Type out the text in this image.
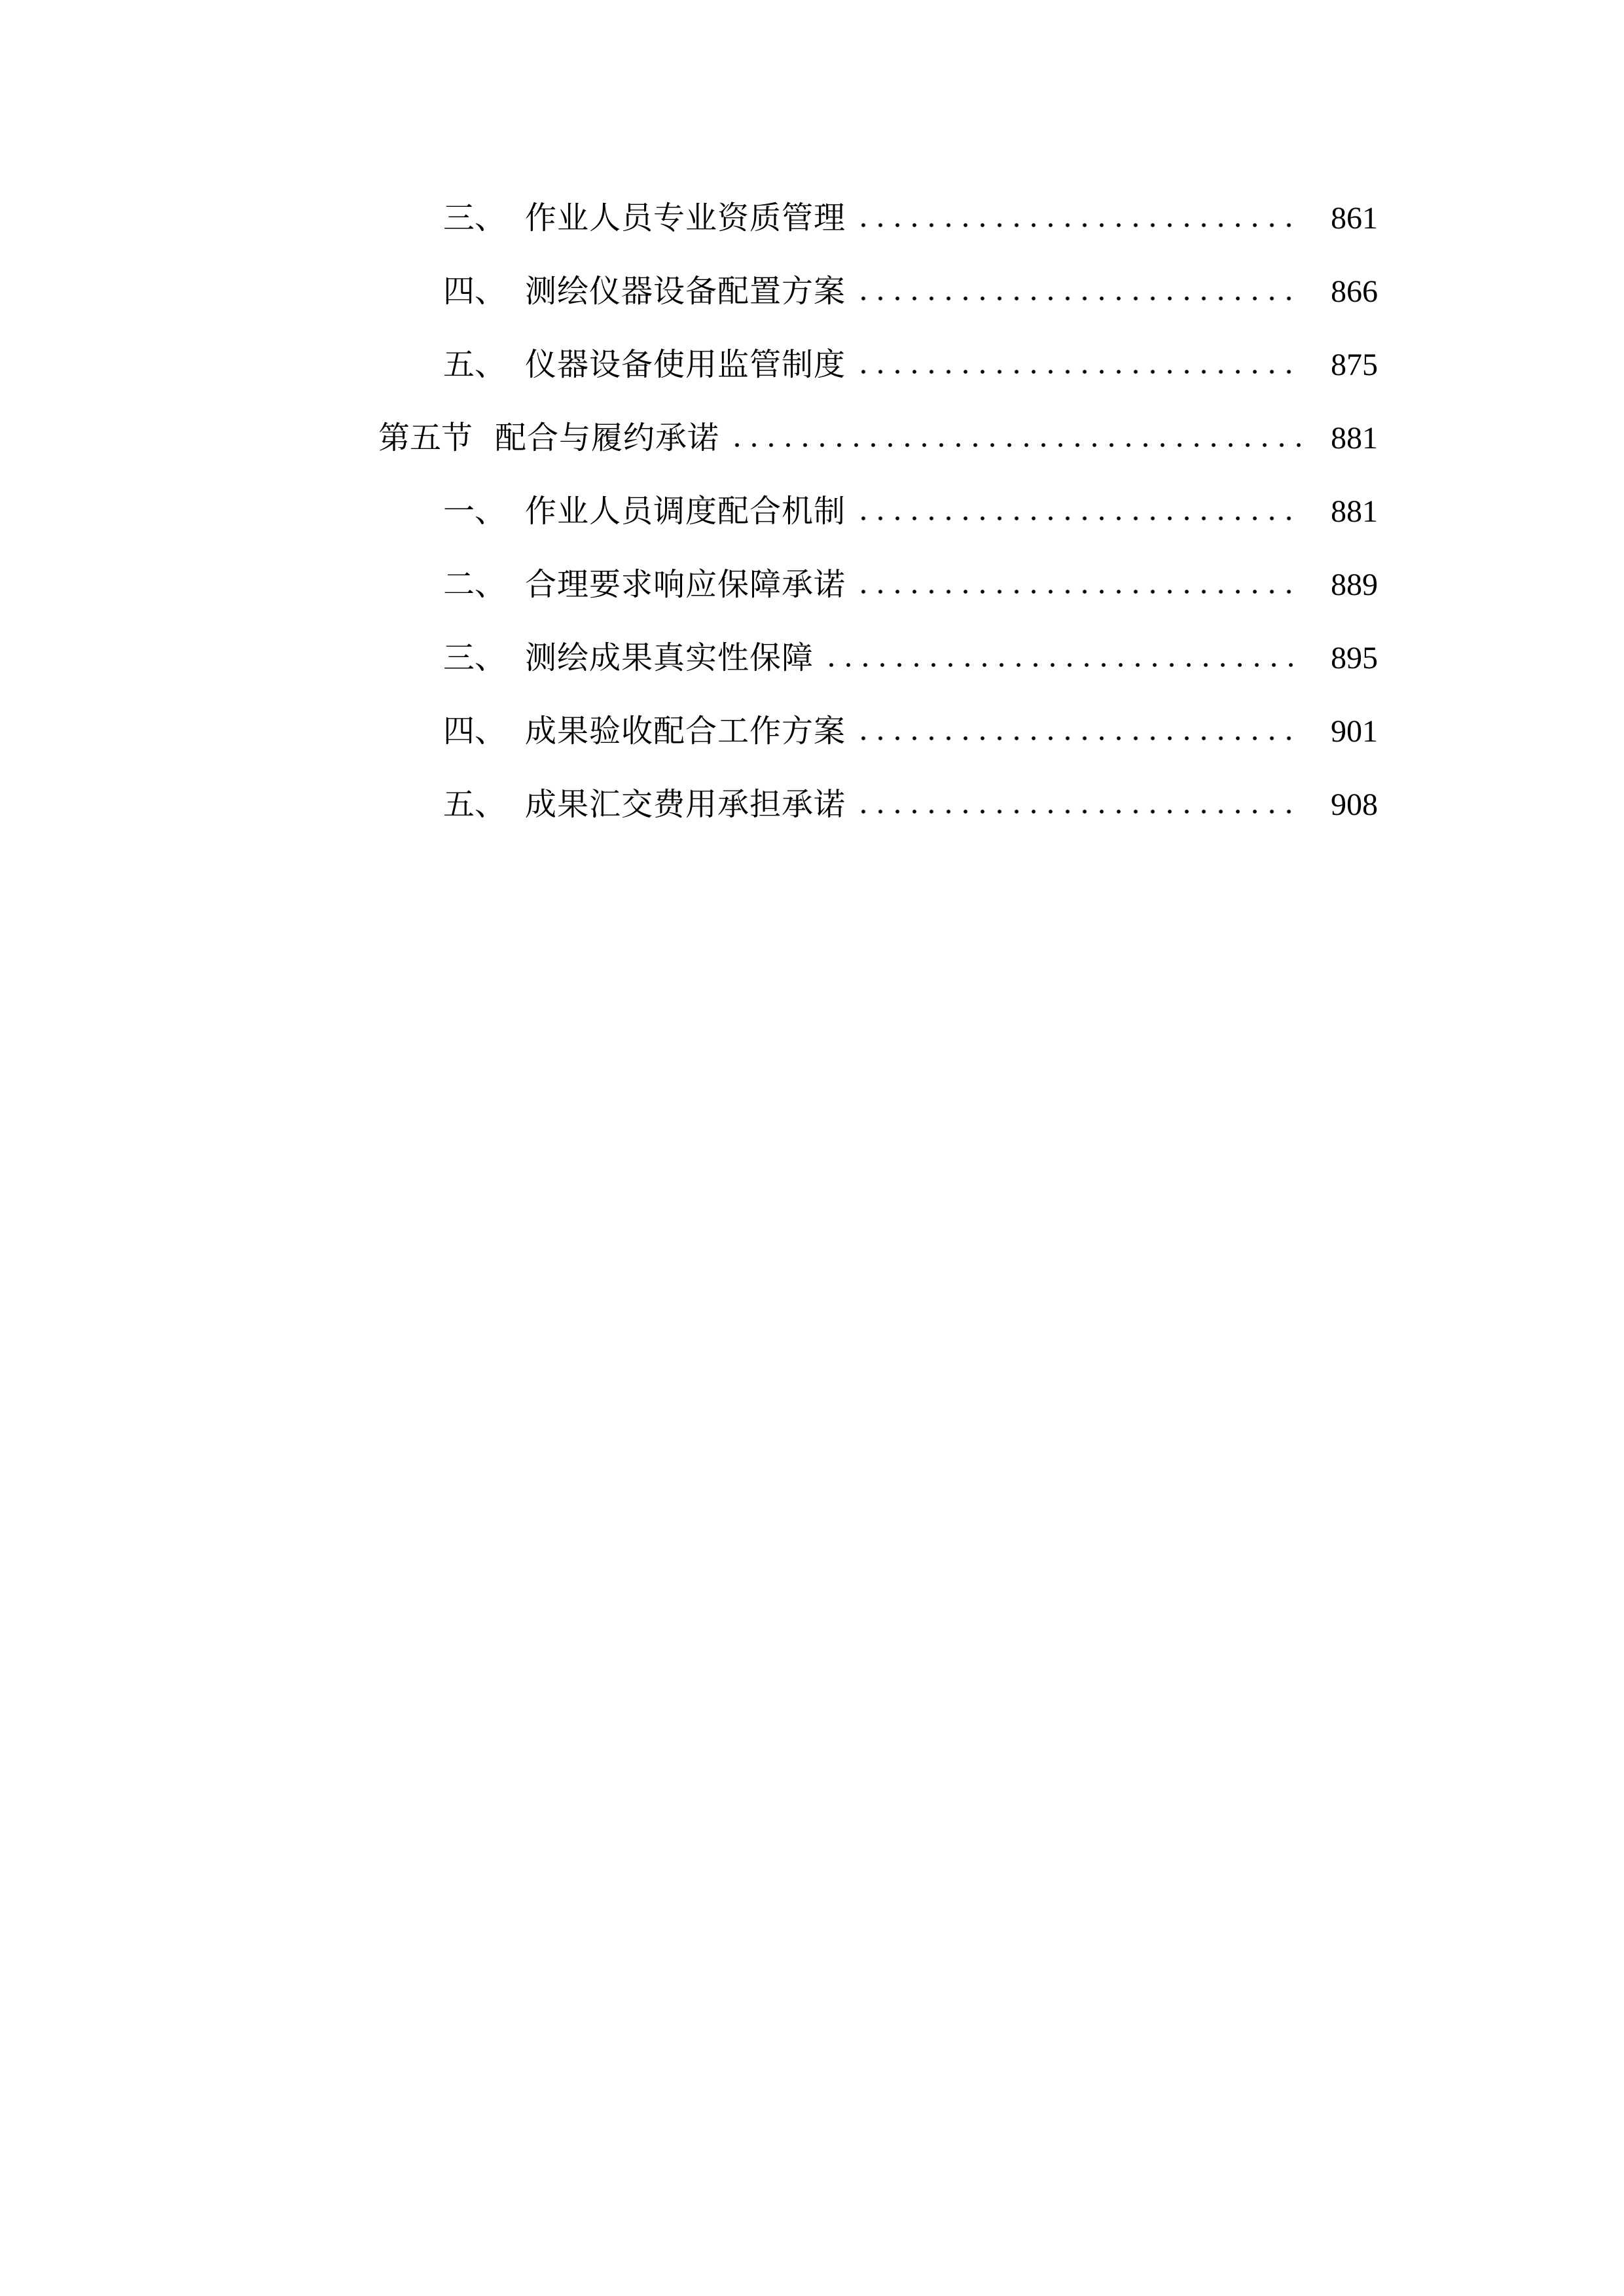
三、 作业人员专业资质管理	861
四、 测绘仪器设备配置方案	866
五、 仪器设备使用监管制度	875
第五节 配合与履约承诺	881
一、 作业人员调度配合机制	881
二、 合理要求响应保障承诺	889
三、 测绘成果真实性保障	895
四、 成果验收配合工作方案	901
五、 成果汇交费用承担承诺	908
